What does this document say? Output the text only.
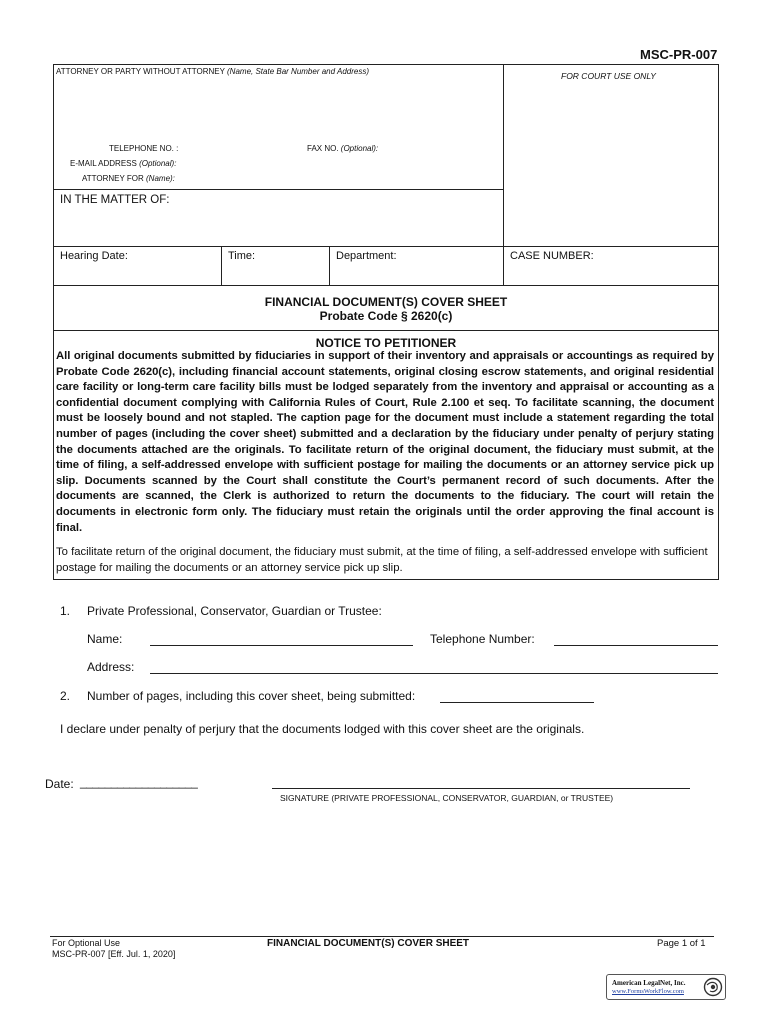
MSC-PR-007
ATTORNEY OR PARTY WITHOUT ATTORNEY (Name, State Bar Number and Address)	FOR COURT USE ONLY
TELEPHONE NO. :	FAX NO. (Optional):
E-MAIL ADDRESS (Optional):
ATTORNEY FOR (Name):
IN THE MATTER OF:
Hearing Date:	Time:	Department:	CASE NUMBER:
FINANCIAL DOCUMENT(S) COVER SHEET
Probate Code § 2620(c)
NOTICE TO PETITIONER
All original documents submitted by fiduciaries in support of their inventory and appraisals or accountings as required by Probate Code 2620(c), including financial account statements, original closing escrow statements, and original residential care facility or long-term care facility bills must be lodged separately from the inventory and appraisal or accounting as a confidential document complying with California Rules of Court, Rule 2.100 et seq. To facilitate scanning, the document must be loosely bound and not stapled. The caption page for the document must include a statement regarding the total number of pages (including the cover sheet) submitted and a declaration by the fiduciary under penalty of perjury stating the documents attached are the originals. To facilitate return of the original document, the fiduciary must submit, at the time of filing, a self-addressed envelope with sufficient postage for mailing the documents or an attorney service pick up slip. Documents scanned by the Court shall constitute the Court’s permanent record of such documents. After the documents are scanned, the Clerk is authorized to return the documents to the fiduciary. The court will retain the documents in electronic form only. The fiduciary must retain the originals until the order approving the final account is final.
To facilitate return of the original document, the fiduciary must submit, at the time of filing, a self-addressed envelope with sufficient postage for mailing the documents or an attorney service pick up slip.
1. Private Professional, Conservator, Guardian or Trustee:
Name:	Telephone Number:
Address:
2. Number of pages, including this cover sheet, being submitted:
I declare under penalty of perjury that the documents lodged with this cover sheet are the originals.
Date: ___________________
SIGNATURE (PRIVATE PROFESSIONAL, CONSERVATOR, GUARDIAN, or TRUSTEE)
For Optional Use
MSC-PR-007 [Eff. Jul. 1, 2020]
FINANCIAL DOCUMENT(S) COVER SHEET	Page 1 of 1
American LegalNet, Inc.
www.FormsWorkFlow.com
